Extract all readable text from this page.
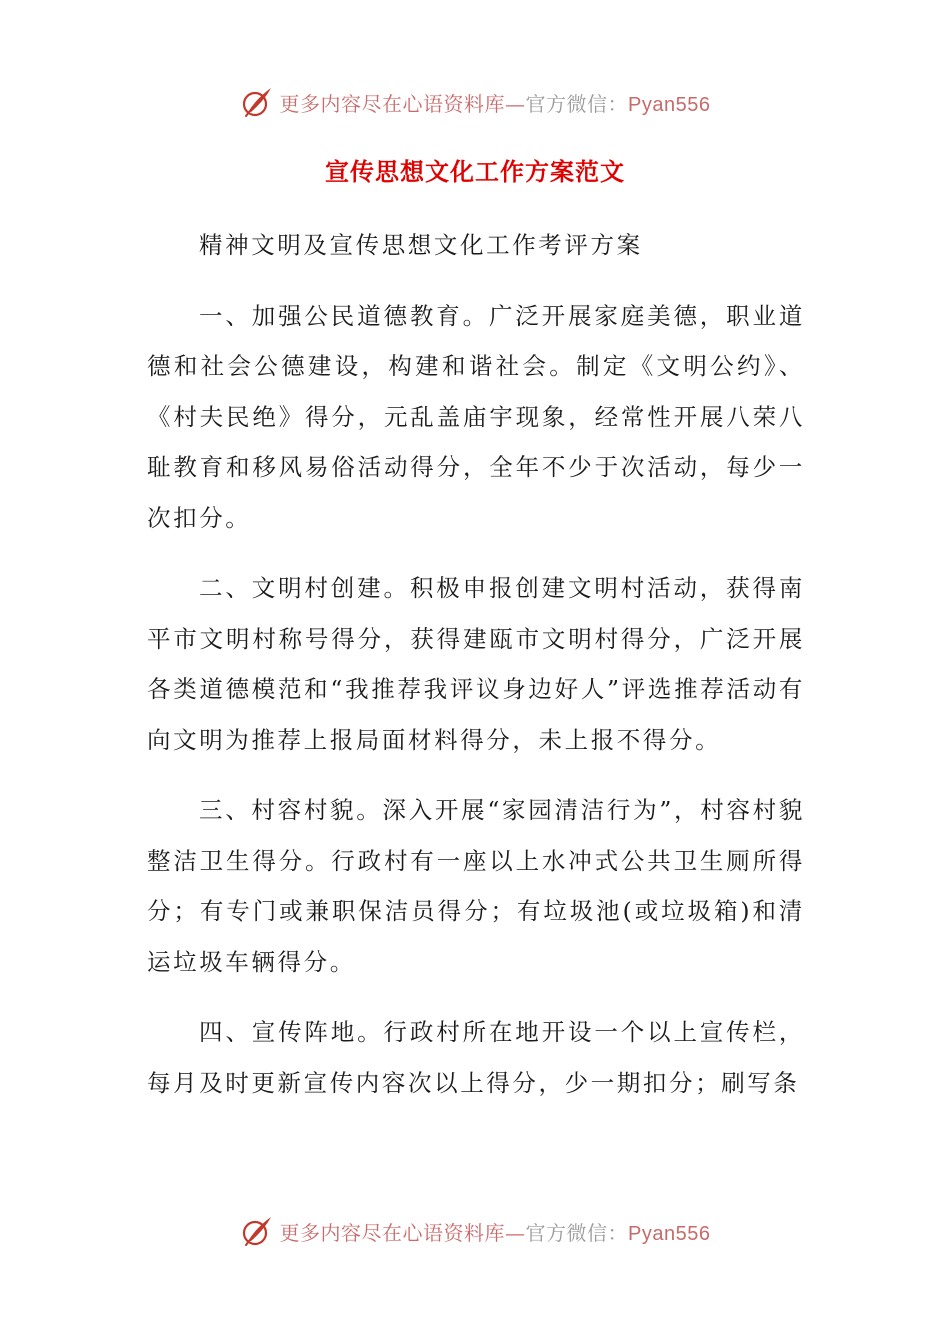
更多内容尽在心语资料库—官方微信：Pyan556
宣传思想文化工作方案范文

精神文明及宣传思想文化工作考评方案

一、加强公民道德教育。广泛开展家庭美德，职业道德和社会公德建设，构建和谐社会。制定《文明公约》、《村夫民绝》得分，元乱盖庙宇现象，经常性开展八荣八耻教育和移风易俗活动得分，全年不少于次活动，每少一次扣分。

二、文明村创建。积极申报创建文明村活动，获得南平市文明村称号得分，获得建瓯市文明村得分，广泛开展各类道德模范和“我推荐我评议身边好人”评选推荐活动有向文明为推荐上报局面材料得分，未上报不得分。

三、村容村貌。深入开展“家园清洁行为”，村容村貌整洁卫生得分。行政村有一座以上水冲式公共卫生厕所得分；有专门或兼职保洁员得分；有垃圾池(或垃圾箱)和清运垃圾车辆得分。

四、宣传阵地。行政村所在地开设一个以上宣传栏，每月及时更新宣传内容次以上得分，少一期扣分；刷写条

更多内容尽在心语资料库—官方微信：Pyan556
